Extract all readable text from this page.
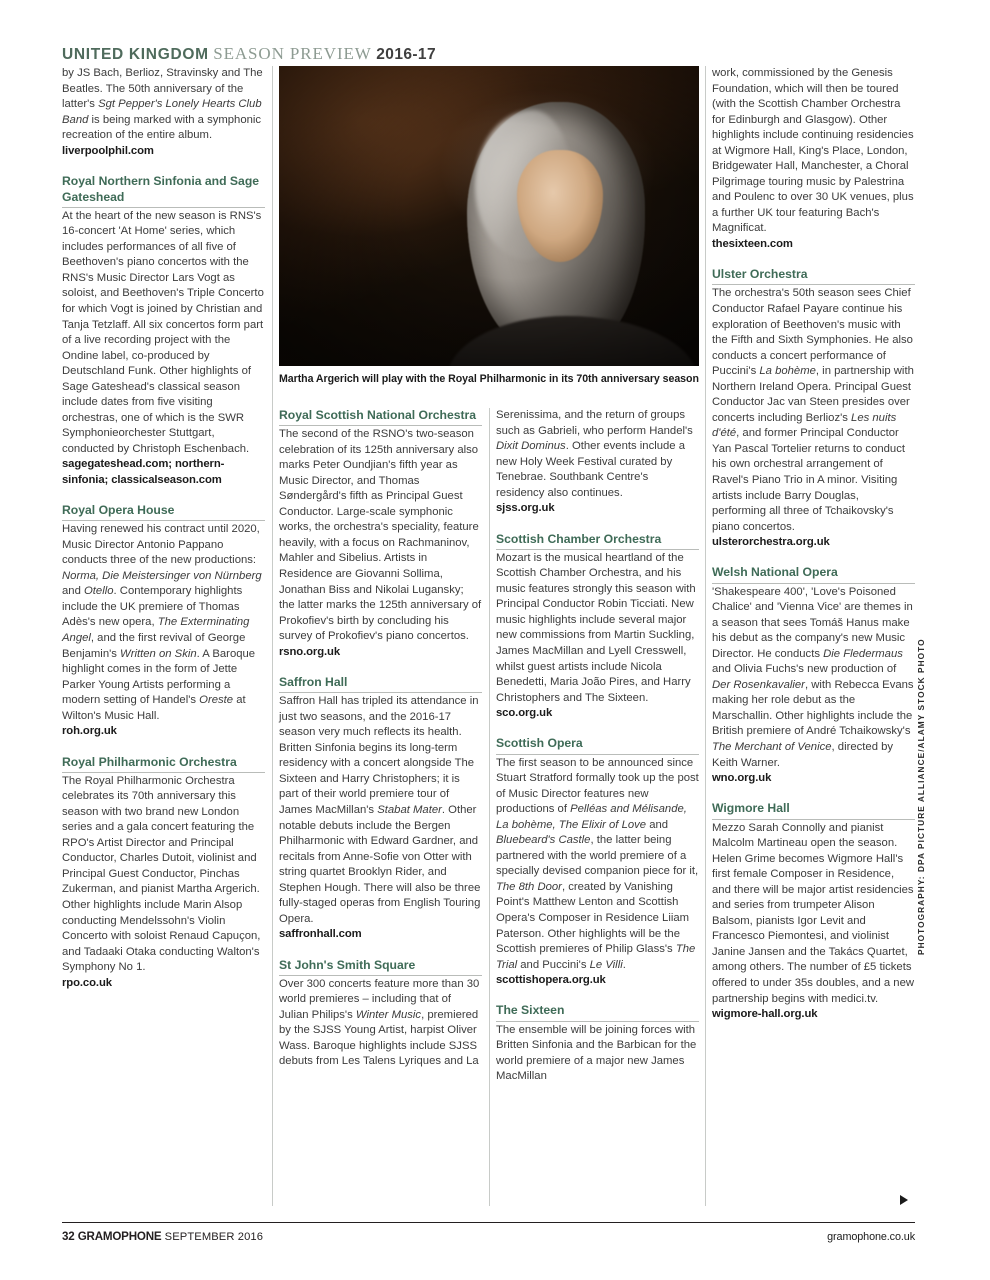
UNITED KINGDOM SEASON PREVIEW 2016-17
Martha Argerich will play with the Royal Philharmonic in its 70th anniversary season
PHOTOGRAPHY: DPA PICTURE ALLIANCE/ALAMY STOCK PHOTO

by JS Bach, Berlioz, Stravinsky and The Beatles. The 50th anniversary of the latter's Sgt Pepper's Lonely Hearts Club Band is being marked with a symphonic recreation of the entire album.

liverpoolphil.com

Royal Northern Sinfonia and Sage Gateshead

At the heart of the new season is RNS's 16-concert 'At Home' series, which includes performances of all five of Beethoven's piano concertos with the RNS's Music Director Lars Vogt as soloist, and Beethoven's Triple Concerto for which Vogt is joined by Christian and Tanja Tetzlaff. All six concertos form part of a live recording project with the Ondine label, co-produced by Deutschland Funk. Other highlights of Sage Gateshead's classical season include dates from five visiting orchestras, one of which is the SWR Symphonieorchester Stuttgart, conducted by Christoph Eschenbach.

sagegateshead.com; northern-sinfonia; classicalseason.com

Royal Opera House

Having renewed his contract until 2020, Music Director Antonio Pappano conducts three of the new productions: Norma, Die Meistersinger von Nürnberg and Otello. Contemporary highlights include the UK premiere of Thomas Adès's new opera, The Exterminating Angel, and the first revival of George Benjamin's Written on Skin. A Baroque highlight comes in the form of Jette Parker Young Artists performing a modern setting of Handel's Oreste at Wilton's Music Hall.

roh.org.uk

Royal Philharmonic Orchestra

The Royal Philharmonic Orchestra celebrates its 70th anniversary this season with two brand new London series and a gala concert featuring the RPO's Artist Director and Principal Conductor, Charles Dutoit, violinist and Principal Guest Conductor, Pinchas Zukerman, and pianist Martha Argerich. Other highlights include Marin Alsop conducting Mendelssohn's Violin Concerto with soloist Renaud Capuçon, and Tadaaki Otaka conducting Walton's Symphony No 1.

rpo.co.uk

Royal Scottish National Orchestra

The second of the RSNO's two-season celebration of its 125th anniversary also marks Peter Oundjian's fifth year as Music Director, and Thomas Søndergård's fifth as Principal Guest Conductor. Large-scale symphonic works, the orchestra's speciality, feature heavily, with a focus on Rachmaninov, Mahler and Sibelius. Artists in Residence are Giovanni Sollima, Jonathan Biss and Nikolai Lugansky; the latter marks the 125th anniversary of Prokofiev's birth by concluding his survey of Prokofiev's piano concertos.

rsno.org.uk

Saffron Hall

Saffron Hall has tripled its attendance in just two seasons, and the 2016-17 season very much reflects its health. Britten Sinfonia begins its long-term residency with a concert alongside The Sixteen and Harry Christophers; it is part of their world premiere tour of James MacMillan's Stabat Mater. Other notable debuts include the Bergen Philharmonic with Edward Gardner, and recitals from Anne-Sofie von Otter with string quartet Brooklyn Rider, and Stephen Hough. There will also be three fully-staged operas from English Touring Opera.

saffronhall.com

St John's Smith Square

Over 300 concerts feature more than 30 world premieres – including that of Julian Philips's Winter Music, premiered by the SJSS Young Artist, harpist Oliver Wass. Baroque highlights include SJSS debuts from Les Talens Lyriques and La

Serenissima, and the return of groups such as Gabrieli, who perform Handel's Dixit Dominus. Other events include a new Holy Week Festival curated by Tenebrae. Southbank Centre's residency also continues.

sjss.org.uk

Scottish Chamber Orchestra

Mozart is the musical heartland of the Scottish Chamber Orchestra, and his music features strongly this season with Principal Conductor Robin Ticciati. New music highlights include several major new commissions from Martin Suckling, James MacMillan and Lyell Cresswell, whilst guest artists include Nicola Benedetti, Maria João Pires, and Harry Christophers and The Sixteen.

sco.org.uk

Scottish Opera

The first season to be announced since Stuart Stratford formally took up the post of Music Director features new productions of Pelléas and Mélisande, La bohème, The Elixir of Love and Bluebeard's Castle, the latter being partnered with the world premiere of a specially devised companion piece for it, The 8th Door, created by Vanishing Point's Matthew Lenton and Scottish Opera's Composer in Residence Liiam Paterson. Other highlights will be the Scottish premieres of Philip Glass's The Trial and Puccini's Le Villi.

scottishopera.org.uk

The Sixteen

The ensemble will be joining forces with Britten Sinfonia and the Barbican for the world premiere of a major new James MacMillan

work, commissioned by the Genesis Foundation, which will then be toured (with the Scottish Chamber Orchestra for Edinburgh and Glasgow). Other highlights include continuing residencies at Wigmore Hall, King's Place, London, Bridgewater Hall, Manchester, a Choral Pilgrimage touring music by Palestrina and Poulenc to over 30 UK venues, plus a further UK tour featuring Bach's Magnificat.

thesixteen.com

Ulster Orchestra

The orchestra's 50th season sees Chief Conductor Rafael Payare continue his exploration of Beethoven's music with the Fifth and Sixth Symphonies. He also conducts a concert performance of Puccini's La bohème, in partnership with Northern Ireland Opera. Principal Guest Conductor Jac van Steen presides over concerts including Berlioz's Les nuits d'été, and former Principal Conductor Yan Pascal Tortelier returns to conduct his own orchestral arrangement of Ravel's Piano Trio in A minor. Visiting artists include Barry Douglas, performing all three of Tchaikovsky's piano concertos.

ulsterorchestra.org.uk

Welsh National Opera

'Shakespeare 400', 'Love's Poisoned Chalice' and 'Vienna Vice' are themes in a season that sees Tomáš Hanus make his debut as the company's new Music Director. He conducts Die Fledermaus and Olivia Fuchs's new production of Der Rosenkavalier, with Rebecca Evans making her role debut as the Marschallin. Other highlights include the British premiere of André Tchaikowsky's The Merchant of Venice, directed by Keith Warner.

wno.org.uk

Wigmore Hall

Mezzo Sarah Connolly and pianist Malcolm Martineau open the season. Helen Grime becomes Wigmore Hall's first female Composer in Residence, and there will be major artist residencies and series from trumpeter Alison Balsom, pianists Igor Levit and Francesco Piemontesi, and violinist Janine Jansen and the Takács Quartet, among others. The number of £5 tickets offered to under 35s doubles, and a new partnership begins with medici.tv.

wigmore-hall.org.uk

32 GRAMOPHONE SEPTEMBER 2016	gramophone.co.uk
